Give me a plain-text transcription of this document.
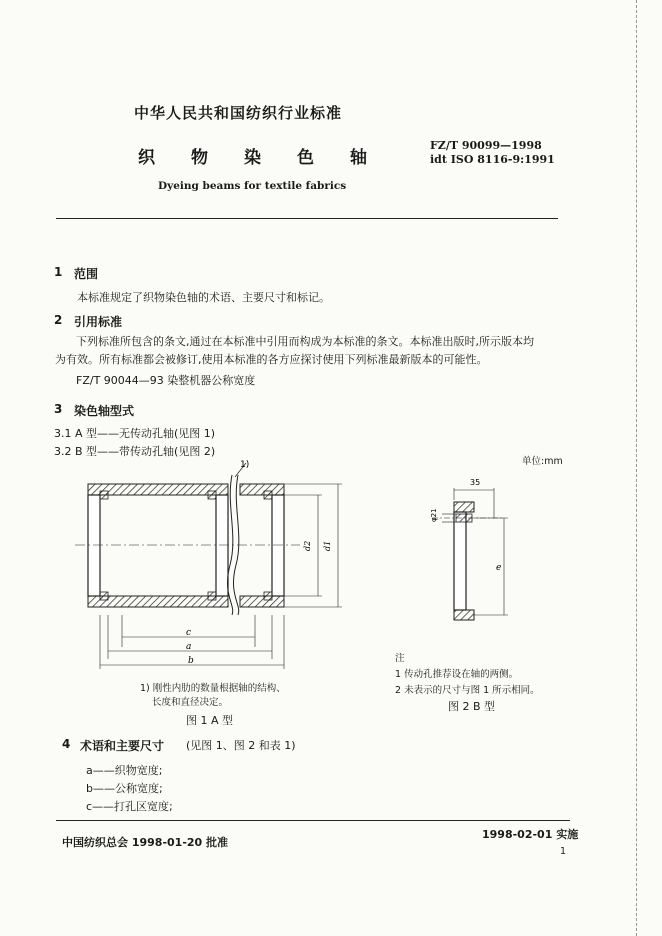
中华人民共和国纺织行业标准
织物染色轴
Dyeing beams for textile fabrics
FZ/T 90099—1998
idt ISO 8116-9:1991
1 范围
本标准规定了织物染色轴的术语、主要尺寸和标记。
2 引用标准
下列标准所包含的条文,通过在本标准中引用而构成为本标准的条文。本标准出版时,所示版本均
为有效。所有标准都会被修订,使用本标准的各方应探讨使用下列标准最新版本的可能性。
FZ/T 90044—93 染整机器公称宽度
3 染色轴型式
3.1 A 型——无传动孔轴(见图 1)
3.2 B 型——带传动孔轴(见图 2)
单位:mm
1)
c
a
b
d2 d1
1) 刚性内肋的数量根据轴的结构、
长度和直径决定。
图 1 A 型
35
φ21
e
注
1 传动孔推荐设在轴的两侧。
2 未表示的尺寸与图 1 所示相同。
图 2 B 型
4 术语和主要尺寸 (见图 1、图 2 和表 1)
a——织物宽度;
b——公称宽度;
c——打孔区宽度;
中国纺织总会 1998-01-20 批准
1998-02-01 实施
1
